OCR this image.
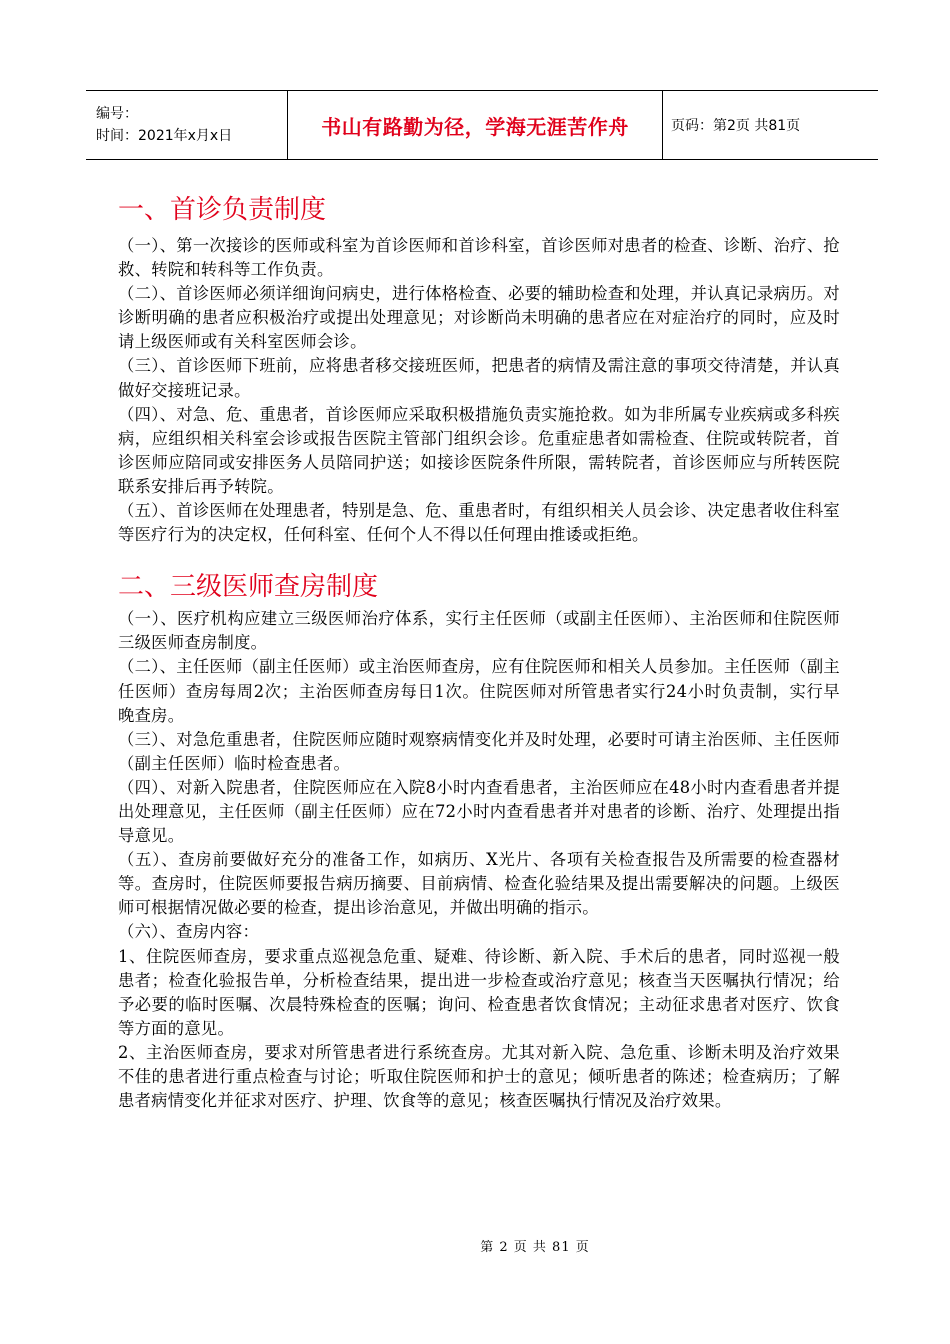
编号：
时间：2021年x月x日	书山有路勤为径，学海无涯苦作舟	页码：第2页 共81页
一、首诊负责制度

（一）、第一次接诊的医师或科室为首诊医师和首诊科室，首诊医师对患者的检查、诊断、治疗、抢救、转院和转科等工作负责。

（二）、首诊医师必须详细询问病史，进行体格检查、必要的辅助检查和处理，并认真记录病历。对诊断明确的患者应积极治疗或提出处理意见；对诊断尚未明确的患者应在对症治疗的同时，应及时请上级医师或有关科室医师会诊。

（三）、首诊医师下班前，应将患者移交接班医师，把患者的病情及需注意的事项交待清楚，并认真做好交接班记录。

（四）、对急、危、重患者，首诊医师应采取积极措施负责实施抢救。如为非所属专业疾病或多科疾病，应组织相关科室会诊或报告医院主管部门组织会诊。危重症患者如需检查、住院或转院者，首诊医师应陪同或安排医务人员陪同护送；如接诊医院条件所限，需转院者，首诊医师应与所转医院联系安排后再予转院。

（五）、首诊医师在处理患者，特别是急、危、重患者时，有组织相关人员会诊、决定患者收住科室等医疗行为的决定权，任何科室、任何个人不得以任何理由推诿或拒绝。

二、三级医师查房制度

（一）、医疗机构应建立三级医师治疗体系，实行主任医师（或副主任医师）、主治医师和住院医师三级医师查房制度。

（二）、主任医师（副主任医师）或主治医师查房，应有住院医师和相关人员参加。主任医师（副主任医师）查房每周2次；主治医师查房每日1次。住院医师对所管患者实行24小时负责制，实行早晚查房。

（三）、对急危重患者，住院医师应随时观察病情变化并及时处理，必要时可请主治医师、主任医师（副主任医师）临时检查患者。

（四）、对新入院患者，住院医师应在入院8小时内查看患者，主治医师应在48小时内查看患者并提出处理意见，主任医师（副主任医师）应在72小时内查看患者并对患者的诊断、治疗、处理提出指导意见。

（五）、查房前要做好充分的准备工作，如病历、X光片、各项有关检查报告及所需要的检查器材等。查房时，住院医师要报告病历摘要、目前病情、检查化验结果及提出需要解决的问题。上级医师可根据情况做必要的检查，提出诊治意见，并做出明确的指示。

（六）、查房内容：

1、住院医师查房，要求重点巡视急危重、疑难、待诊断、新入院、手术后的患者，同时巡视一般患者；检查化验报告单，分析检查结果，提出进一步检查或治疗意见；核查当天医嘱执行情况；给予必要的临时医嘱、次晨特殊检查的医嘱；询问、检查患者饮食情况；主动征求患者对医疗、饮食等方面的意见。

2、主治医师查房，要求对所管患者进行系统查房。尤其对新入院、急危重、诊断未明及治疗效果不佳的患者进行重点检查与讨论；听取住院医师和护士的意见；倾听患者的陈述；检查病历；了解患者病情变化并征求对医疗、护理、饮食等的意见；核查医嘱执行情况及治疗效果。

第 2 页 共 81 页
